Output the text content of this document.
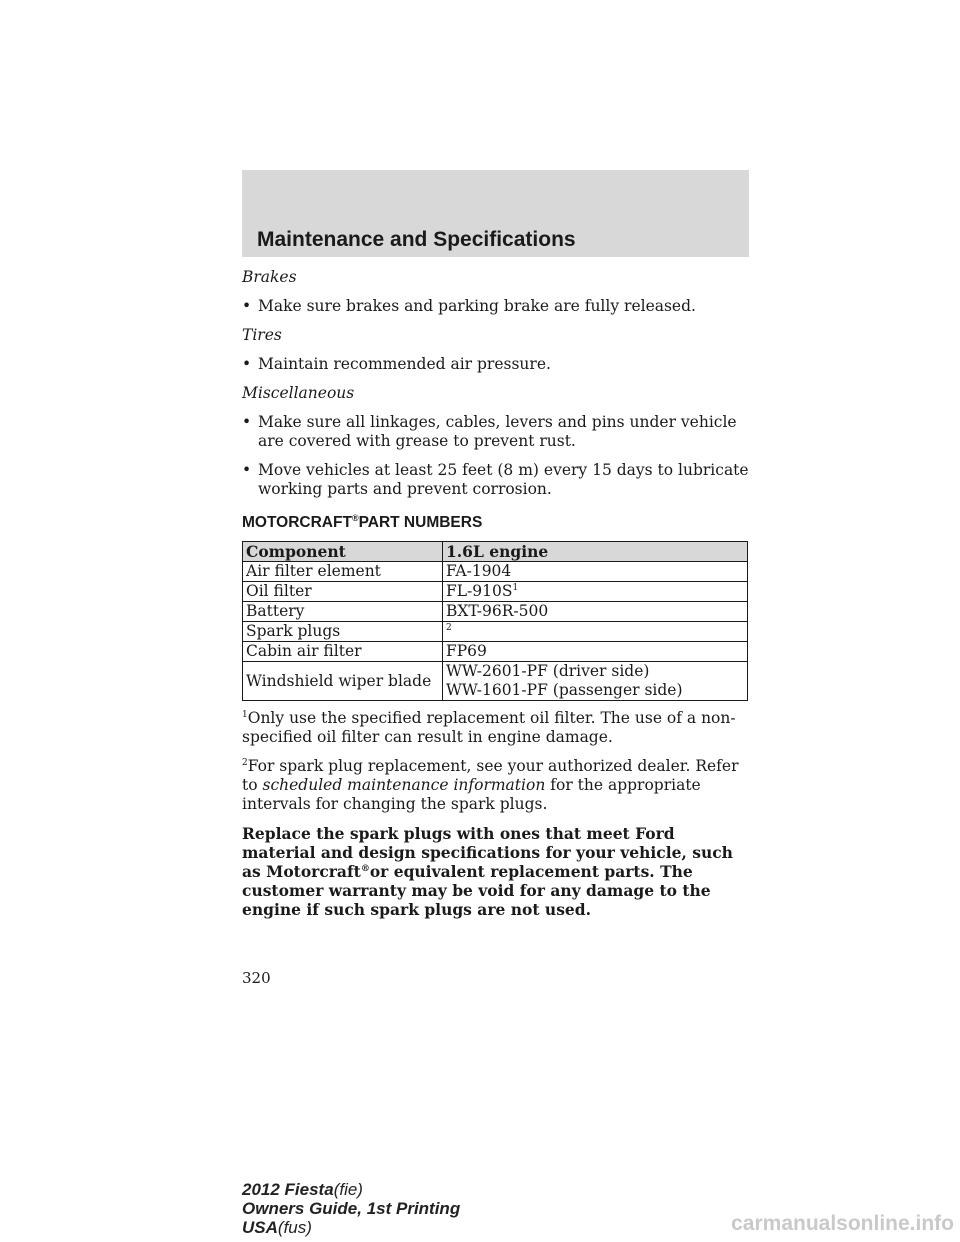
Maintenance and Specifications

Brakes

• Make sure brakes and parking brake are fully released.

Tires

• Maintain recommended air pressure.

Miscellaneous

• Make sure all linkages, cables, levers and pins under vehicle are covered with grease to prevent rust.
• Move vehicles at least 25 feet (8 m) every 15 days to lubricate working parts and prevent corrosion.
MOTORCRAFT®PART NUMBERS
Component	1.6L engine
Air filter element	FA-1904
Oil filter	$FL-910S^1$
Battery	BXT-96R-500
Spark plugs	$^2$
Cabin air filter	FP69
Windshield wiper blade	WW-2601-PF (driver side)
WW-1601-PF (passenger side)

$^1$Only use the specified replacement oil filter. The use of a non-specified oil filter can result in engine damage.

$^2$For spark plug replacement, see your authorized dealer. Refer to scheduled maintenance information for the appropriate intervals for changing the spark plugs.

Replace the spark plugs with ones that meet Ford material and design specifications for your vehicle, such as Motorcraft®or equivalent replacement parts. The customer warranty may be void for any damage to the engine if such spark plugs are not used.

320
2012 Fiesta(fie)
Owners Guide, 1st Printing
USA(fus)	carmanualsonline.info
